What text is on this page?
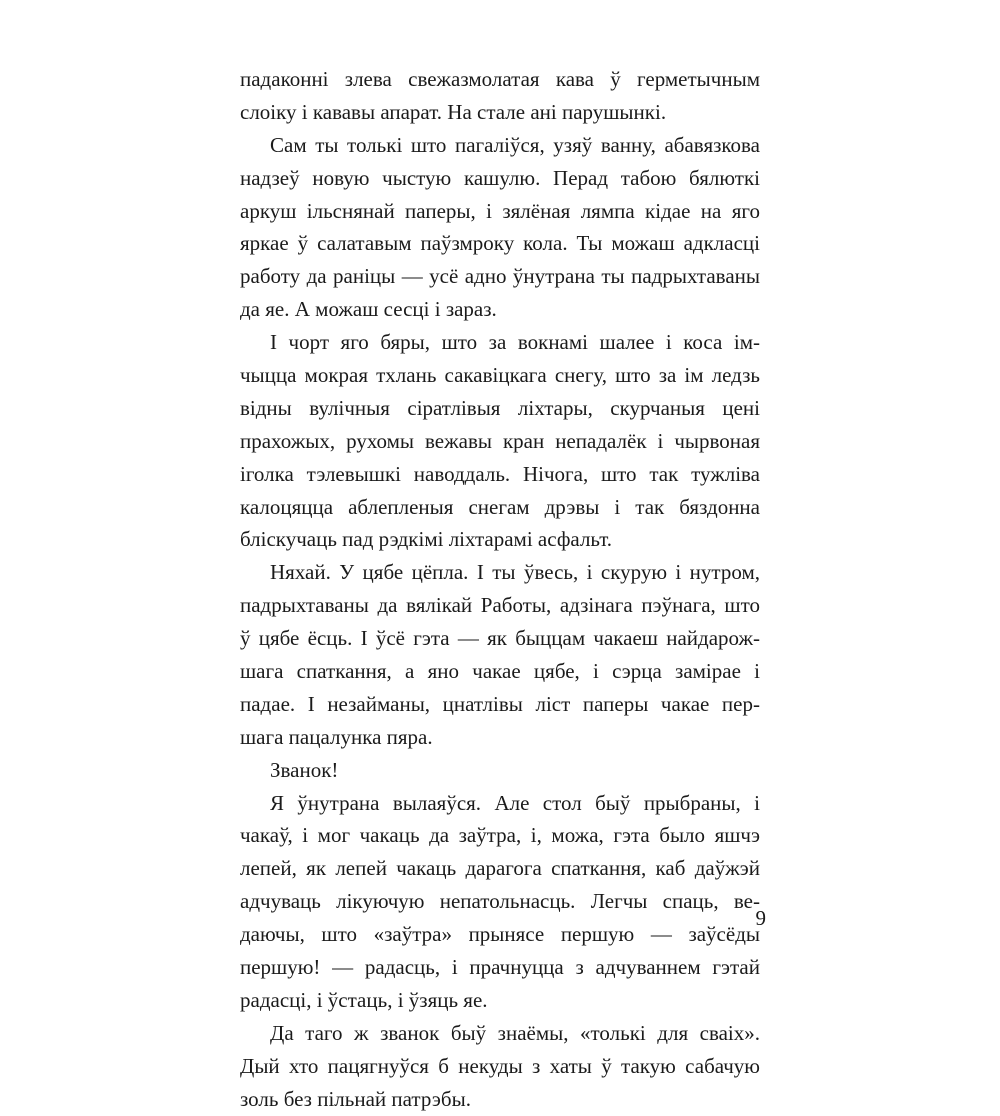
падаконні злева свежазмолатая кава ў герметычным
слоіку і кававы апарат. На стале ані парушынкі.
Сам ты толькі што пагаліўся, узяў ванну, абавязкова
надзеў новую чыстую кашулю. Перад табою бялюткі
аркуш ільснянай паперы, і зялёная лямпа кідае на яго
яркае ў салатавым паўзмроку кола. Ты можаш адкласці
работу да раніцы — усё адно ўнутрана ты падрыхтаваны
да яе. А можаш сесці і зараз.
І чорт яго бяры, што за вокнамі шалее і коса ім-
чыцца мокрая тхлань сакавіцкага снегу, што за ім ледзь
відны вулічныя сіратлівыя ліхтары, скурчаныя цені
прахожых, рухомы вежавы кран непадалёк і чырвоная
іголка тэлевышкі наводдаль. Нічога, што так тужліва
калоцяцца аблепленыя снегам дрэвы і так бяздонна
бліскучаць пад рэдкімі ліхтарамі асфальт.
Няхай. У цябе цёпла. І ты ўвесь, і скурую і нутром,
падрыхтаваны да вялікай Работы, адзінага пэўнага, што
ў цябе ёсць. І ўсё гэта — як быццам чакаеш найдарож-
шага спаткання, а яно чакае цябе, і сэрца замірае і
падае. І незайманы, цнатлівы ліст паперы чакае пер-
шага пацалунка пяра.
Званок!
Я ўнутрана вылаяўся. Але стол быў прыбраны, і
чакаў, і мог чакаць да заўтра, і, можа, гэта было яшчэ
лепей, як лепей чакаць дарагога спаткання, каб даўжэй
адчуваць лікуючую непатольнасць. Легчы спаць, ве-
даючы, што «заўтра» прынясе першую — заўсёды
першую! — радасць, і прачнуцца з адчуваннем гэтай
радасці, і ўстаць, і ўзяць яе.
Да таго ж званок быў знаёмы, «толькі для сваіх».
Дый хто пацягнуўся б некуды з хаты ў такую сабачую
золь без пільнай патрэбы.
9
